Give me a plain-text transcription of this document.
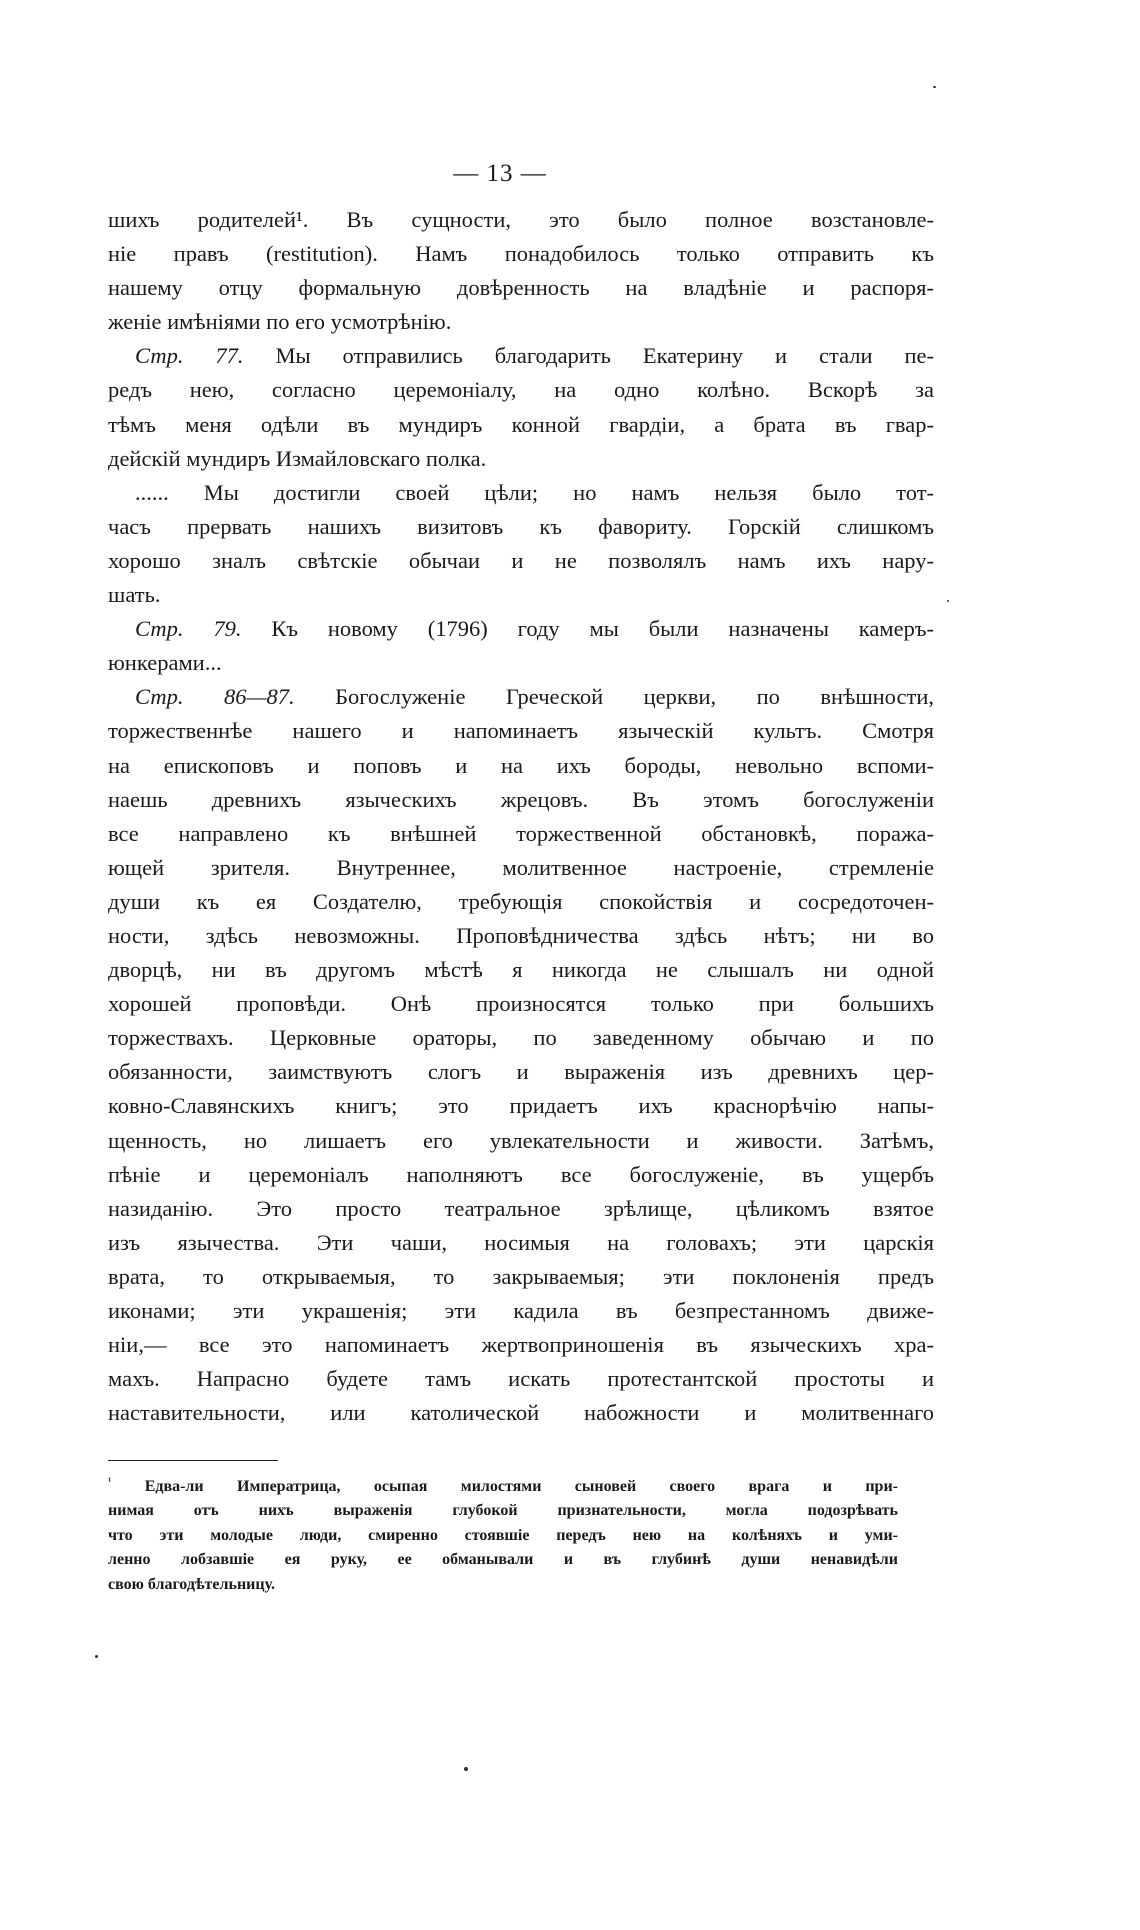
— 13 —
шихъ родителей¹. Въ сущности, это было полное возстановле-
ніе правъ (restitution). Намъ понадобилось только отправить къ
нашему отцу формальную довѣренность на владѣніе и распоря-
женіе имѣніями по его усмотрѣнію.
Стр. 77. Мы отправились благодарить Екатерину и стали пе-
редъ нею, согласно церемоніалу, на одно колѣно. Вскорѣ за
тѣмъ меня одѣли въ мундиръ конной гвардіи, а брата въ гвар-
дейскій мундиръ Измайловскаго полка.
...... Мы достигли своей цѣли; но намъ нельзя было тот-
часъ прервать нашихъ визитовъ къ фавориту. Горскій слишкомъ
хорошо зналъ свѣтскіе обычаи и не позволялъ намъ ихъ нару-
шать.
Стр. 79. Къ новому (1796) году мы были назначены камеръ-
юнкерами...
Стр. 86—87. Богослуженіе Греческой церкви, по внѣшности,
торжественнѣе нашего и напоминаетъ языческій культъ. Смотря
на епископовъ и поповъ и на ихъ бороды, невольно вспоми-
наешь древнихъ языческихъ жрецовъ. Въ этомъ богослуженіи
все направлено къ внѣшней торжественной обстановкѣ, поража-
ющей зрителя. Внутреннее, молитвенное настроеніе, стремленіе
души къ ея Создателю, требующія спокойствія и сосредоточен-
ности, здѣсь невозможны. Проповѣдничества здѣсь нѣтъ; ни во
дворцѣ, ни въ другомъ мѣстѣ я никогда не слышалъ ни одной
хорошей проповѣди. Онѣ произносятся только при большихъ
торжествахъ. Церковные ораторы, по заведенному обычаю и по
обязанности, заимствуютъ слогъ и выраженія изъ древнихъ цер-
ковно-Славянскихъ книгъ; это придаетъ ихъ краснорѣчію напы-
щенность, но лишаетъ его увлекательности и живости. Затѣмъ,
пѣніе и церемоніалъ наполняютъ все богослуженіе, въ ущербъ
назиданію. Это просто театральное зрѣлище, цѣликомъ взятое
изъ язычества. Эти чаши, носимыя на головахъ; эти царскія
врата, то открываемыя, то закрываемыя; эти поклоненія предъ
иконами; эти украшенія; эти кадила въ безпрестанномъ движе-
ніи,— все это напоминаетъ жертвоприношенія въ языческихъ хра-
махъ. Напрасно будете тамъ искать протестантской простоты и
наставительности, или католической набожности и молитвеннаго
$^{^1}$ Едва-ли Императрица, осыпая милостями сыновей своего врага и при-
нимая отъ нихъ выраженія глубокой признательности, могла подозрѣвать
что эти молодые люди, смиренно стоявшіе передъ нею на колѣняхъ и уми-
ленно лобзавшіе ея руку, ее обманывали и въ глубинѣ души ненавидѣли
свою благодѣтельницу.
